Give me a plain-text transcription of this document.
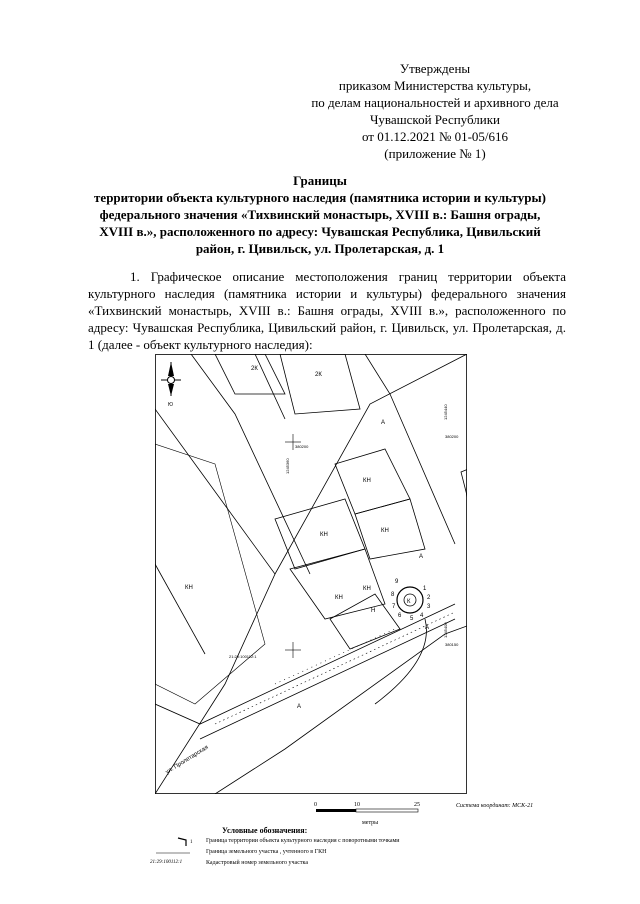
Утверждены
приказом Министерства культуры,
по делам национальностей и архивного дела
Чувашской Республики
от 01.12.2021 № 01-05/616
(приложение № 1)
Границы
территории объекта культурного наследия (памятника истории и культуры)
федерального значения «Тихвинский монастырь, XVIII в.: Башня ограды,
XVIII в.», расположенного по адресу: Чувашская Республика, Цивильский
район, г. Цивильск, ул. Пролетарская, д. 1

1. Графическое описание местоположения границ территории объекта культурного наследия (памятника истории и культуры) федерального значения «Тихвинский монастырь, XVIII в.: Башня ограды, XVIII в.», расположенного по адресу: Чувашская Республика, Цивильский район, г. Цивильск, ул. Пролетарская, д. 1 (далее - объект культурного наследия):

Ю
2К
2К
КН
КН
КН
КН
КН
КН
Н
К
9
1
2
3
4
5
6
7
8
380200
1245360
380200
1245440
380150
1245400
21:29:100112:1
А
А
А
А
ул. Пролетарская
0	10	25
метры
Система координат: МСК-21
Условные обозначения:
1 Граница территории объекта культурного наследия с поворотными точками
Граница земельного участка , учтенного в ГКН
21:29:100112:1	Кадастровый номер земельного участка
